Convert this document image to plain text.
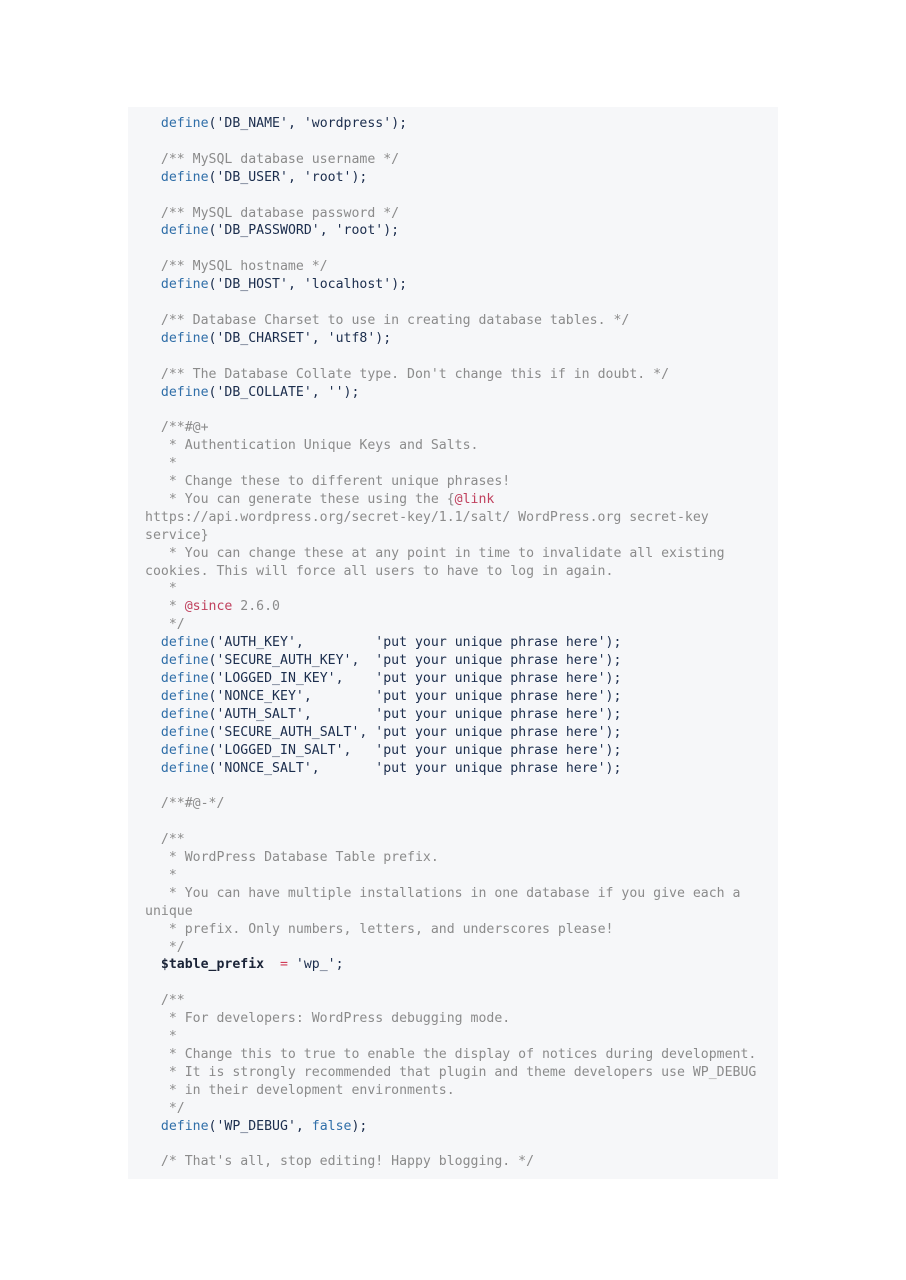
define('DB_NAME', 'wordpress');

/** MySQL database username */
define('DB_USER', 'root');

/** MySQL database password */
define('DB_PASSWORD', 'root');

/** MySQL hostname */
define('DB_HOST', 'localhost');

/** Database Charset to use in creating database tables. */
define('DB_CHARSET', 'utf8');

/** The Database Collate type. Don't change this if in doubt. */
define('DB_COLLATE', '');

/**#@+
* Authentication Unique Keys and Salts.
*
* Change these to different unique phrases!
* You can generate these using the {@link https://api.wordpress.org/secret-key/1.1/salt/ WordPress.org secret-key service}
* You can change these at any point in time to invalidate all existing cookies. This will force all users to have to log in again.
*
* @since 2.6.0
*/
define('AUTH_KEY',         'put your unique phrase here');
define('SECURE_AUTH_KEY',  'put your unique phrase here');
define('LOGGED_IN_KEY',    'put your unique phrase here');
define('NONCE_KEY',        'put your unique phrase here');
define('AUTH_SALT',        'put your unique phrase here');
define('SECURE_AUTH_SALT', 'put your unique phrase here');
define('LOGGED_IN_SALT',   'put your unique phrase here');
define('NONCE_SALT',       'put your unique phrase here');

/**#@-*/

/**
* WordPress Database Table prefix.
*
* You can have multiple installations in one database if you give each a unique
* prefix. Only numbers, letters, and underscores please!
*/
$table_prefix = 'wp_';

/**
* For developers: WordPress debugging mode.
*
* Change this to true to enable the display of notices during development.
* It is strongly recommended that plugin and theme developers use WP_DEBUG
* in their development environments.
*/
define('WP_DEBUG', false);

/* That's all, stop editing! Happy blogging. */
